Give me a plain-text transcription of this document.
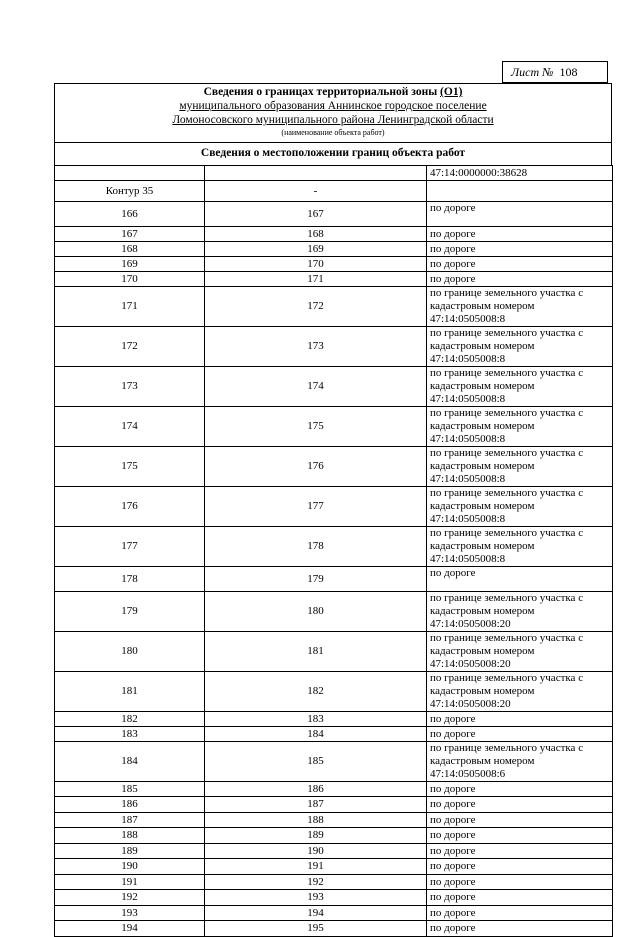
Лист № 108
Сведения о границах территориальной зоны (О1)
муниципального образования Аннинское городское поселение
Ломоносовского муниципального района Ленинградской области
(наименование объекта работ)
Сведения о местоположении границ объекта работ
		47:14:0000000:38628
Контур 35	-	
166	167	по дороге
167	168	по дороге
168	169	по дороге
169	170	по дороге
170	171	по дороге
171	172	по границе земельного участка с кадастровым номером 47:14:0505008:8
172	173	по границе земельного участка с кадастровым номером 47:14:0505008:8
173	174	по границе земельного участка с кадастровым номером 47:14:0505008:8
174	175	по границе земельного участка с кадастровым номером 47:14:0505008:8
175	176	по границе земельного участка с кадастровым номером 47:14:0505008:8
176	177	по границе земельного участка с кадастровым номером 47:14:0505008:8
177	178	по границе земельного участка с кадастровым номером 47:14:0505008:8
178	179	по дороге
179	180	по границе земельного участка с кадастровым номером 47:14:0505008:20
180	181	по границе земельного участка с кадастровым номером 47:14:0505008:20
181	182	по границе земельного участка с кадастровым номером 47:14:0505008:20
182	183	по дороге
183	184	по дороге
184	185	по границе земельного участка с кадастровым номером 47:14:0505008:6
185	186	по дороге
186	187	по дороге
187	188	по дороге
188	189	по дороге
189	190	по дороге
190	191	по дороге
191	192	по дороге
192	193	по дороге
193	194	по дороге
194	195	по дороге
